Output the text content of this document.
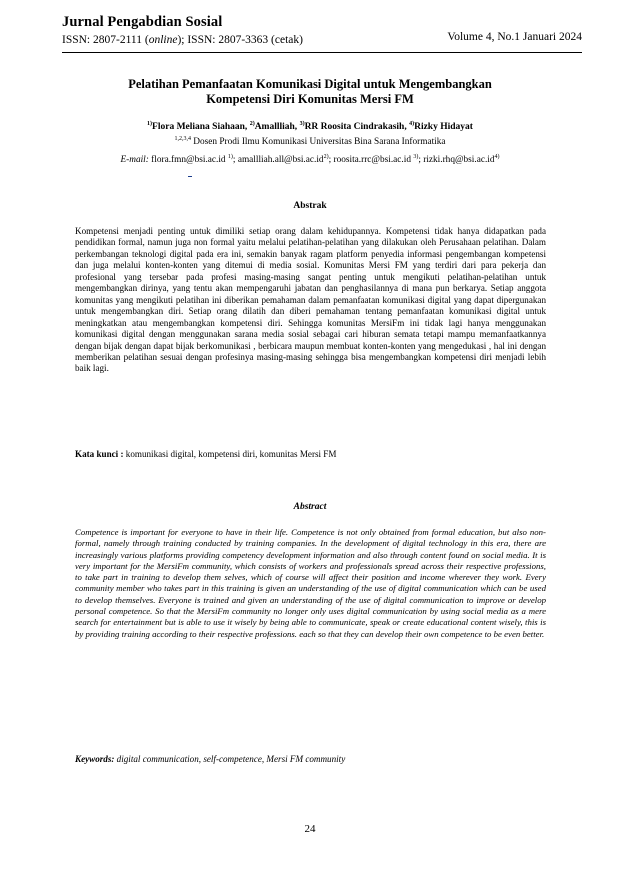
Jurnal Pengabdian Sosial
ISSN: 2807-2111 (online); ISSN: 2807-3363 (cetak)	Volume 4, No.1 Januari 2024
Pelatihan Pemanfaatan Komunikasi Digital untuk Mengembangkan
Kompetensi Diri Komunitas Mersi FM
$^{1)}$Flora Meliana Siahaan, $^{2)}$Amallliah, $^{3)}$RR Roosita Cindrakasih, $^{4)}$Rizky Hidayat
$^{1,2,3,4}$ Dosen Prodi Ilmu Komunikasi Universitas Bina Sarana Informatika
E-mail: flora.fmn@bsi.ac.id $^{1)}$; $amallliah.all@bsi.ac.id^{2)}$; roosita.rrc@bsi.ac.id $^{3)}$; $rizki.rhq@bsi.ac.id^{4)}$
Abstrak
Kompetensi menjadi penting untuk dimiliki setiap orang dalam kehidupannya. Kompetensi tidak hanya didapatkan pada pendidikan formal, namun juga non formal yaitu melalui pelatihan-pelatihan yang dilakukan oleh Perusahaan pelatihan. Dalam perkembangan teknologi digital pada era ini, semakin banyak ragam platform penyedia informasi pengembangan kompetensi dan juga melalui konten-konten yang ditemui di media sosial. Komunitas Mersi FM yang terdiri dari para pekerja dan profesional yang tersebar pada profesi masing-masing sangat penting untuk mengikuti pelatihan-pelatihan untuk mengembangkan dirinya, yang tentu akan mempengaruhi jabatan dan penghasilannya di mana pun berkarya. Setiap anggota komunitas yang mengikuti pelatihan ini diberikan pemahaman dalam pemanfaatan komunikasi digital yang dapat dipergunakan untuk mengembangkan diri. Setiap orang dilatih dan diberi pemahaman tentang pemanfaatan komunikasi digital untuk meningkatkan atau mengembangkan kompetensi diri. Sehingga komunitas MersiFm ini tidak lagi hanya menggunakan komunikasi digital dengan menggunakan sarana media sosial sebagai cari hiburan semata tetapi mampu memanfaatkannya dengan bijak dengan dapat bijak berkomunikasi , berbicara maupun membuat konten-konten yang mengedukasi , hal ini dengan memberikan pelatihan sesuai dengan profesinya masing-masing sehingga bisa mengembangkan kompetensi diri menjadi lebih baik lagi.
Kata kunci : komunikasi digital, kompetensi diri, komunitas Mersi FM
Abstract
Competence is important for everyone to have in their life. Competence is not only obtained from formal education, but also non-formal, namely through training conducted by training companies. In the development of digital technology in this era, there are increasingly various platforms providing competency development information and also through content found on social media. It is very important for the MersiFm community, which consists of workers and professionals spread across their respective professions, to take part in training to develop them selves, which of course will affect their position and income wherever they work. Every community member who takes part in this training is given an understanding of the use of digital communication which can be used to develop themselves. Everyone is trained and given an understanding of the use of digital communication to improve or develop personal competence. So that the MersiFm community no longer only uses digital communication by using social media as a mere search for entertainment but is able to use it wisely by being able to communicate, speak or create educational content wisely, this is by providing training according to their respective professions. each so that they can develop their own competence to be even better.
Keywords: digital communication, self-competence, Mersi FM community
24
